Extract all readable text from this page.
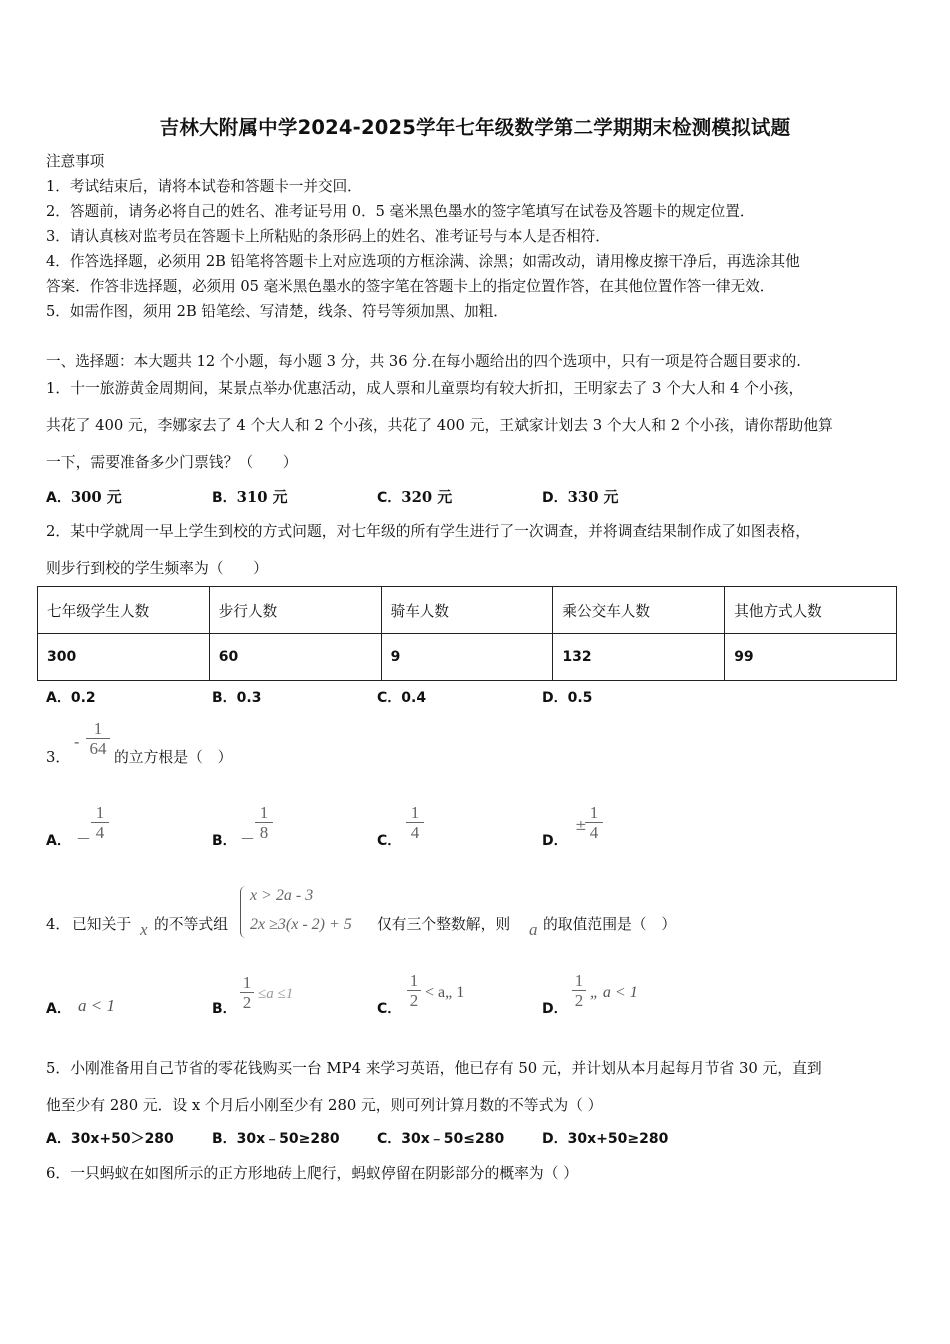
吉林大附属中学2024-2025学年七年级数学第二学期期末检测模拟试题
注意事项
1．考试结束后，请将本试卷和答题卡一并交回．
2．答题前，请务必将自己的姓名、准考证号用 0．5 毫米黑色墨水的签字笔填写在试卷及答题卡的规定位置．
3．请认真核对监考员在答题卡上所粘贴的条形码上的姓名、准考证号与本人是否相符．
4．作答选择题，必须用 2B 铅笔将答题卡上对应选项的方框涂满、涂黑；如需改动，请用橡皮擦干净后，再选涂其他
答案．作答非选择题，必须用 05 毫米黑色墨水的签字笔在答题卡上的指定位置作答，在其他位置作答一律无效．
5．如需作图，须用 2B 铅笔绘、写清楚，线条、符号等须加黑、加粗．
一、选择题：本大题共 12 个小题，每小题 3 分，共 36 分.在每小题给出的四个选项中，只有一项是符合题目要求的.
1．十一旅游黄金周期间，某景点举办优惠活动，成人票和儿童票均有较大折扣，王明家去了 3 个大人和 4 个小孩，
共花了 400 元，李娜家去了 4 个大人和 2 个小孩，共花了 400 元，王斌家计划去 3 个大人和 2 个小孩，请你帮助他算
一下，需要准备多少门票钱？（　　）
A．300 元	B．310 元	C．320 元	D．330 元
2．某中学就周一早上学生到校的方式问题，对七年级的所有学生进行了一次调查，并将调查结果制作成了如图表格，
则步行到校的学生频率为（　　）
七年级学生人数	步行人数	骑车人数	乘公交车人数	其他方式人数
300	60	9	132	99
A．0.2	B．0.3	C．0.4	D．0.5
3．
- $\frac{1}{64}$ 的立方根是（　）
A． － $\frac{1}{4}$	B． － $\frac{1}{8}$	C． $\frac{1}{4}$	D．
±
$\frac{1}{4}$
4． 已知关于 x 的不等式组
x > 2a - 3
2x ≥3(x - 2) + 5 仅有三个整数解，则 a 的取值范围是（　）
A． a < 1	B． $\frac{1}{2} \le a \le 1$
C． $\frac{1}{2}$ < a„ 1
D． $\frac{1}{2}$ „ a < 1
5．小刚准备用自己节省的零花钱购买一台 MP4 来学习英语，他已存有 50 元，并计划从本月起每月节省 30 元，直到
他至少有 280 元．设 x 个月后小刚至少有 280 元，则可列计算月数的不等式为（ ）
A．30x+50＞280	B．30x﹣50≥280	C．30x﹣50≤280	D．30x+50≥280
6．一只蚂蚁在如图所示的正方形地砖上爬行，蚂蚁停留在阴影部分的概率为（ ）
